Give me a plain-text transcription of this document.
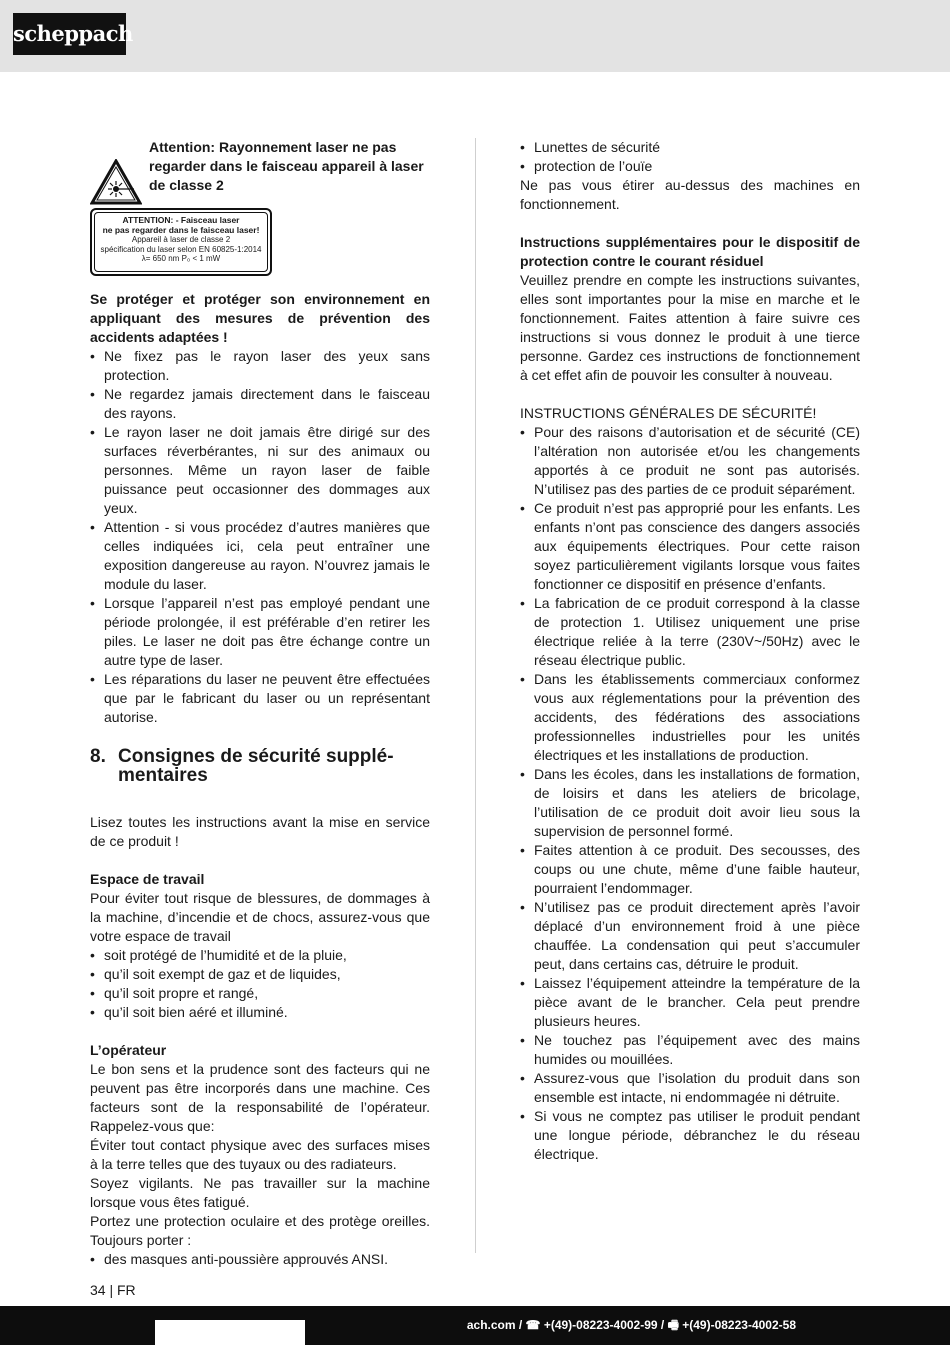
scheppach
Attention: Rayonnement laser ne pas regarder dans le faisceau appareil à laser de classe 2
ATTENTION: - Faisceau laser
ne pas regarder dans le faisceau laser!
Appareil à laser de classe 2
spécification du laser selon EN 60825-1:2014
λ= 650 nm P₀ < 1 mW
Se protéger et protéger son environnement en appliquant des mesures de prévention des accidents adaptées !
• Ne fixez pas le rayon laser des yeux sans protection.
• Ne regardez jamais directement dans le faisceau des rayons.
• Le rayon laser ne doit jamais être dirigé sur des surfaces réverbérantes, ni sur des animaux ou personnes. Même un rayon laser de faible puissance peut occasionner des dommages aux yeux.
• Attention - si vous procédez d’autres manières que celles indiquées ici, cela peut entraîner une exposition dangereuse au rayon. N’ouvrez jamais le module du laser.
• Lorsque l’appareil n’est pas employé pendant une période prolongée, il est préférable d’en retirer les piles. Le laser ne doit pas être échange contre un autre type de laser.
• Les réparations du laser ne peuvent être effectuées que par le fabricant du laser ou un représentant autorise.
8. Consignes de sécurité supplé-
mentaires
Lisez toutes les instructions avant la mise en service de ce produit !
Espace de travail
Pour éviter tout risque de blessures, de dommages à la machine, d’incendie et de chocs, assurez-vous que votre espace de travail
• soit protégé de l’humidité et de la pluie,
• qu’il soit exempt de gaz et de liquides,
• qu’il soit propre et rangé,
• qu’il soit bien aéré et illuminé.
L’opérateur
Le bon sens et la prudence sont des facteurs qui ne peuvent pas être incorporés dans une machine. Ces facteurs sont de la responsabilité de l’opérateur. Rappelez-vous que:
Éviter tout contact physique avec des surfaces mises à la terre telles que des tuyaux ou des radiateurs.
Soyez vigilants. Ne pas travailler sur la machine lorsque vous êtes fatigué.
Portez une protection oculaire et des protège oreilles. Toujours porter :
• des masques anti-poussière approuvés ANSI.
• Lunettes de sécurité
• protection de l’ouïe
Ne pas vous étirer au-dessus des machines en fonctionnement.
Instructions supplémentaires pour le dispositif de protection contre le courant résiduel
Veuillez prendre en compte les instructions suivantes, elles sont importantes pour la mise en marche et le fonctionnement. Faites attention à faire suivre ces instructions si vous donnez le produit à une tierce personne. Gardez ces instructions de fonctionnement à cet effet afin de pouvoir les consulter à nouveau.
INSTRUCTIONS GÉNÉRALES DE SÉCURITÉ!
• Pour des raisons d’autorisation et de sécurité (CE) l’altération non autorisée et/ou les changements apportés à ce produit ne sont pas autorisés. N’utilisez pas des parties de ce produit séparément.
• Ce produit n’est pas approprié pour les enfants. Les enfants n’ont pas conscience des dangers associés aux équipements électriques. Pour cette raison soyez particulièrement vigilants lorsque vous faites fonctionner ce dispositif en présence d’enfants.
• La fabrication de ce produit correspond à la classe de protection 1. Utilisez uniquement une prise électrique reliée à la terre (230V~/50Hz) avec le réseau électrique public.
• Dans les établissements commerciaux conformez vous aux réglementations pour la prévention des accidents, des fédérations des associations professionnelles industrielles pour les unités électriques et les installations de production.
• Dans les écoles, dans les installations de formation, de loisirs et dans les ateliers de bricolage, l’utilisation de ce produit doit avoir lieu sous la supervision de personnel formé.
• Faites attention à ce produit. Des secousses, des coups ou une chute, même d’une faible hauteur, pourraient l’endommager.
• N’utilisez pas ce produit directement après l’avoir déplacé d’un environnement froid à une pièce chauffée. La condensation qui peut s’accumuler peut, dans certains cas, détruire le produit.
• Laissez l’équipement atteindre la température de la pièce avant de le brancher. Cela peut prendre plusieurs heures.
• Ne touchez pas l’équipement avec des mains humides ou mouillées.
• Assurez-vous que l’isolation du produit dans son ensemble est intacte, ni endommagée ni détruite.
• Si vous ne comptez pas utiliser le produit pendant une longue période, débranchez le du réseau électrique.
34 | FR
ach.com / ☎ +(49)-08223-4002-99 / 🖷 +(49)-08223-4002-58
